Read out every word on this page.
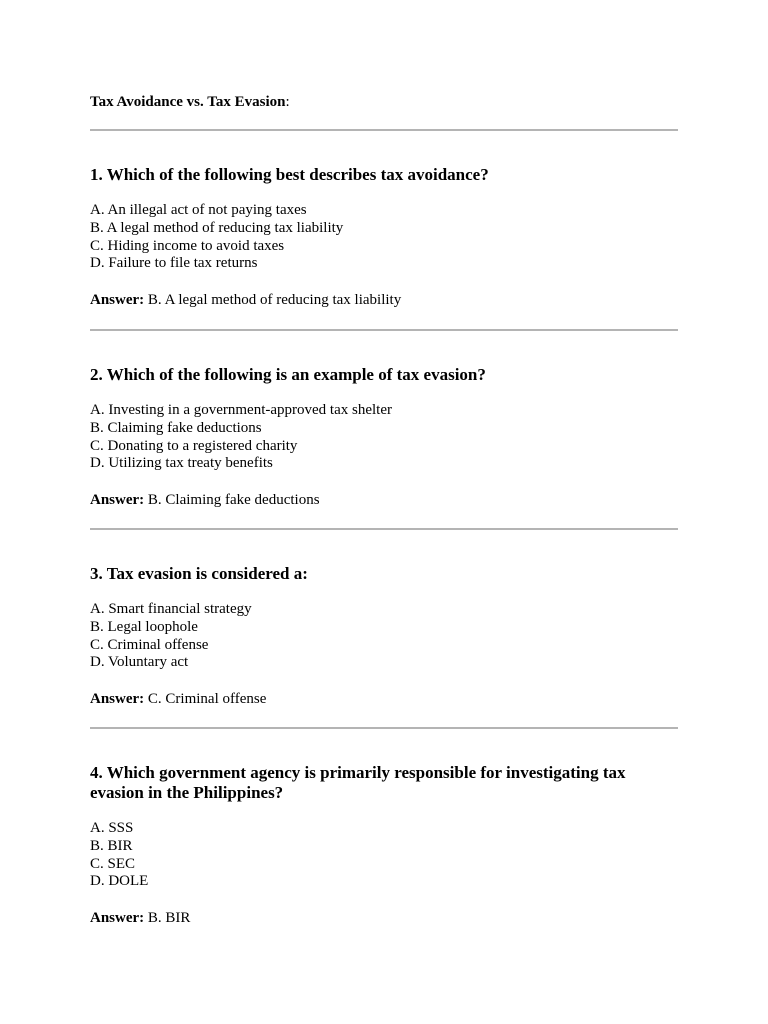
Tax Avoidance vs. Tax Evasion:

1. Which of the following best describes tax avoidance?

A. An illegal act of not paying taxes
B. A legal method of reducing tax liability
C. Hiding income to avoid taxes
D. Failure to file tax returns

Answer: B. A legal method of reducing tax liability

2. Which of the following is an example of tax evasion?

A. Investing in a government-approved tax shelter
B. Claiming fake deductions
C. Donating to a registered charity
D. Utilizing tax treaty benefits

Answer: B. Claiming fake deductions

3. Tax evasion is considered a:

A. Smart financial strategy
B. Legal loophole
C. Criminal offense
D. Voluntary act

Answer: C. Criminal offense

4. Which government agency is primarily responsible for investigating tax evasion in the Philippines?

A. SSS
B. BIR
C. SEC
D. DOLE

Answer: B. BIR
